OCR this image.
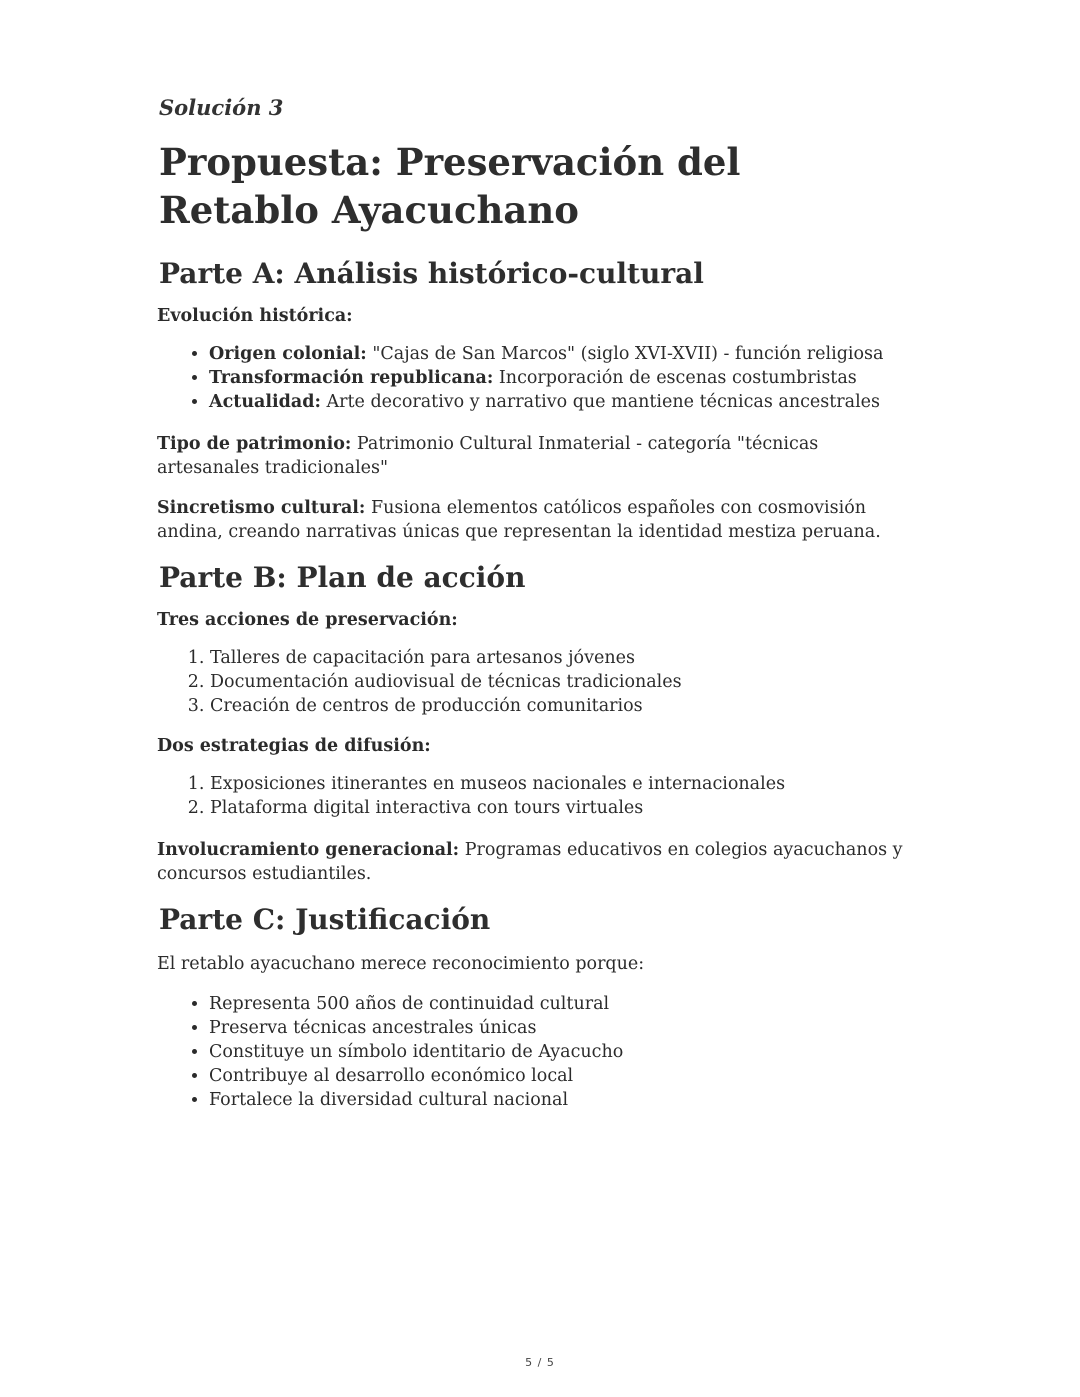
Solución 3
Propuesta: Preservación del Retablo Ayacuchano
Parte A: Análisis histórico-cultural
Evolución histórica:
• Origen colonial: "Cajas de San Marcos" (siglo XVI-XVII) - función religiosa
• Transformación republicana: Incorporación de escenas costumbristas
• Actualidad: Arte decorativo y narrativo que mantiene técnicas ancestrales

Tipo de patrimonio: Patrimonio Cultural Inmaterial - categoría "técnicas artesanales tradicionales"

Sincretismo cultural: Fusiona elementos católicos españoles con cosmovisión andina, creando narrativas únicas que representan la identidad mestiza peruana.

Parte B: Plan de acción
Tres acciones de preservación:
1. Talleres de capacitación para artesanos jóvenes
2. Documentación audiovisual de técnicas tradicionales
3. Creación de centros de producción comunitarios
Dos estrategias de difusión:
1. Exposiciones itinerantes en museos nacionales e internacionales
2. Plataforma digital interactiva con tours virtuales

Involucramiento generacional: Programas educativos en colegios ayacuchanos y concursos estudiantiles.

Parte C: Justificación

El retablo ayacuchano merece reconocimiento porque:

• Representa 500 años de continuidad cultural
• Preserva técnicas ancestrales únicas
• Constituye un símbolo identitario de Ayacucho
• Contribuye al desarrollo económico local
• Fortalece la diversidad cultural nacional
5 / 5
